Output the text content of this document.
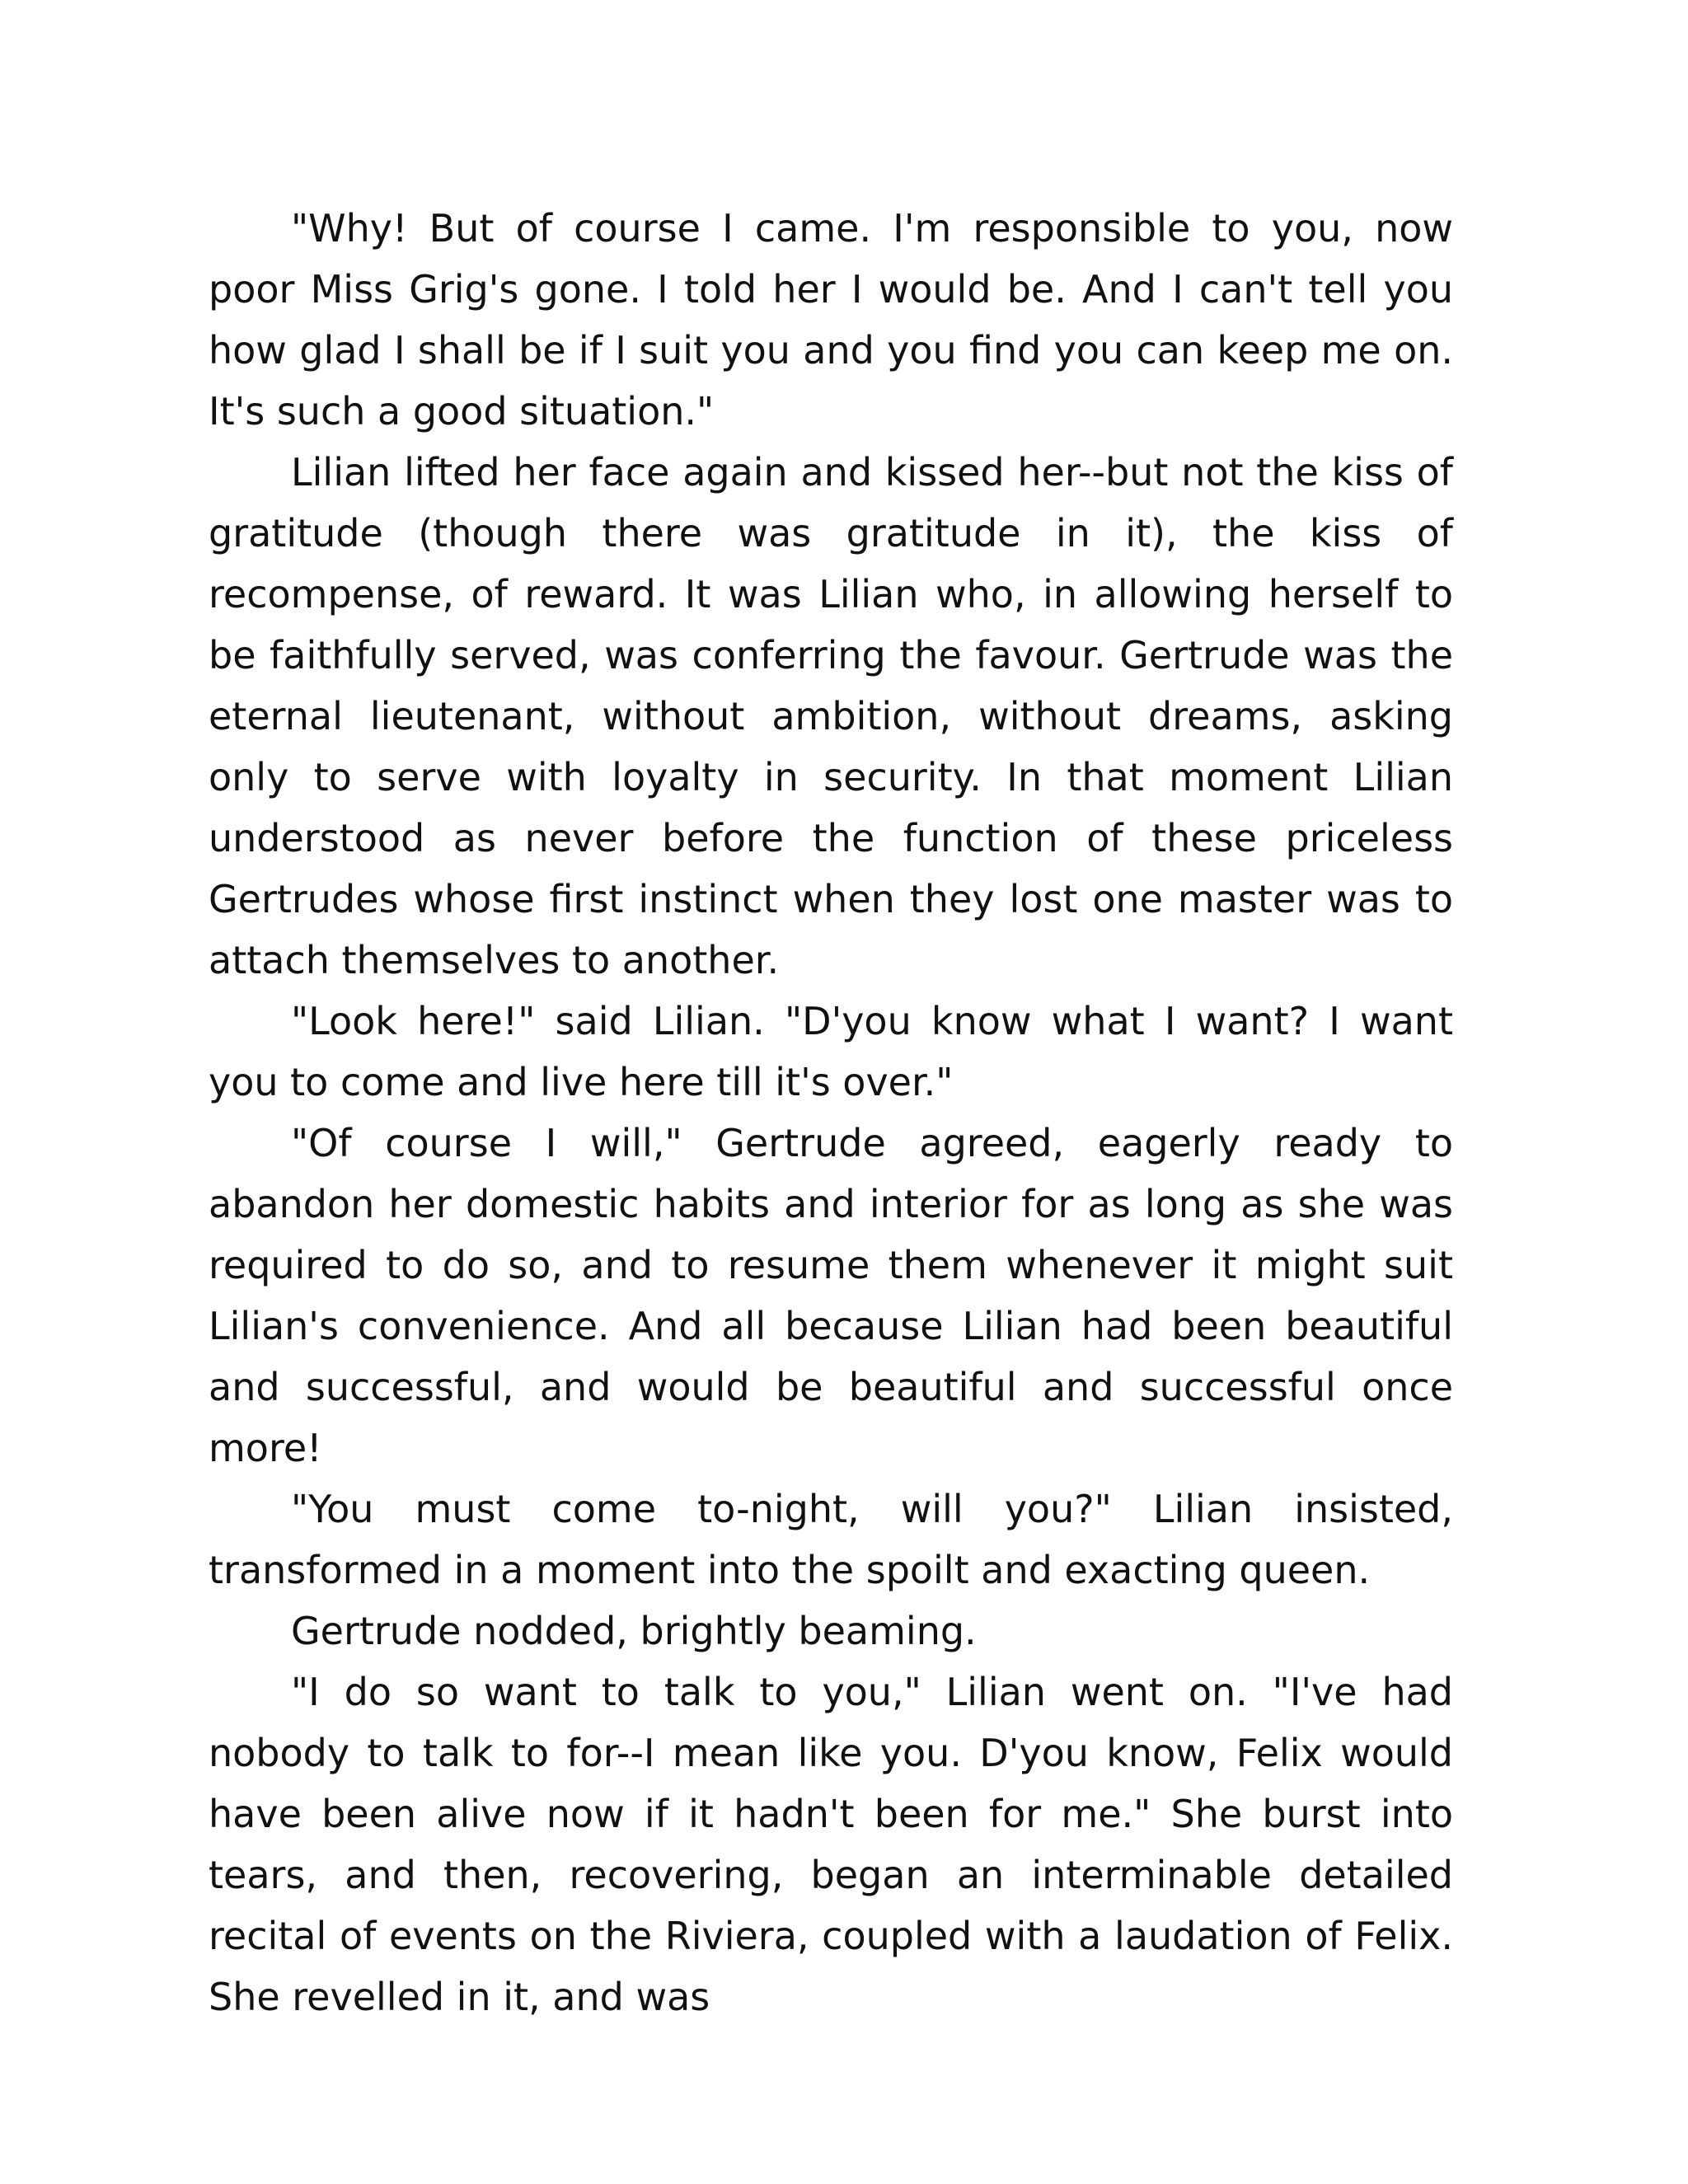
"Why! But of course I came. I'm responsible to you, now poor Miss Grig's gone. I told her I would be. And I can't tell you how glad I shall be if I suit you and you find you can keep me on. It's such a good situation."

Lilian lifted her face again and kissed her--but not the kiss of gratitude (though there was gratitude in it), the kiss of recompense, of reward. It was Lilian who, in allowing herself to be faithfully served, was conferring the favour. Gertrude was the eternal lieutenant, without ambition, without dreams, asking only to serve with loyalty in security. In that moment Lilian understood as never before the function of these priceless Gertrudes whose first instinct when they lost one master was to attach themselves to another.

"Look here!" said Lilian. "D'you know what I want? I want you to come and live here till it's over."

"Of course I will," Gertrude agreed, eagerly ready to abandon her domestic habits and interior for as long as she was required to do so, and to resume them whenever it might suit Lilian's convenience. And all because Lilian had been beautiful and successful, and would be beautiful and successful once more!

"You must come to-night, will you?" Lilian insisted, transformed in a moment into the spoilt and exacting queen.

Gertrude nodded, brightly beaming.

"I do so want to talk to you," Lilian went on. "I've had nobody to talk to for--I mean like you. D'you know, Felix would have been alive now if it hadn't been for me." She burst into tears, and then, recovering, began an interminable detailed recital of events on the Riviera, coupled with a laudation of Felix. She revelled in it, and was
